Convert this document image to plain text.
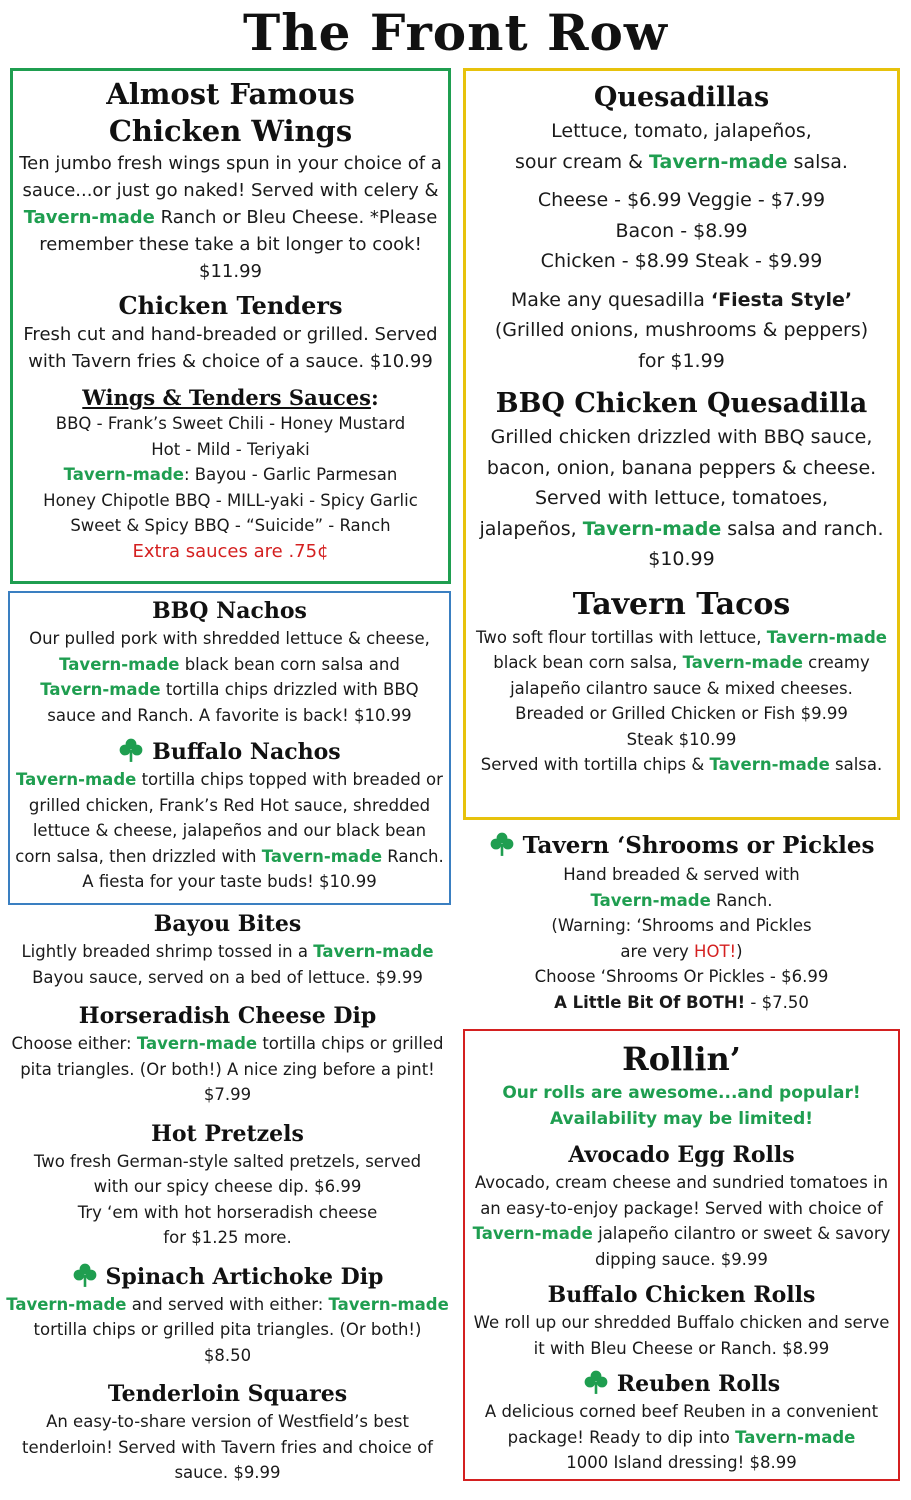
The Front Row

Almost Famous

Chicken Wings

Ten jumbo fresh wings spun in your choice of a

sauce...or just go naked! Served with celery &

Tavern-made Ranch or Bleu Cheese. *Please

remember these take a bit longer to cook!

$11.99

Chicken Tenders

Fresh cut and hand-breaded or grilled. Served

with Tavern fries & choice of a sauce. $10.99

Wings & Tenders Sauces:

BBQ - Frank’s Sweet Chili - Honey Mustard

Hot - Mild - Teriyaki

Tavern-made: Bayou - Garlic Parmesan

Honey Chipotle BBQ - MILL-yaki - Spicy Garlic

Sweet & Spicy BBQ - “Suicide” - Ranch

Extra sauces are .75¢

BBQ Nachos

Our pulled pork with shredded lettuce & cheese,

Tavern-made black bean corn salsa and

Tavern-made tortilla chips drizzled with BBQ

sauce and Ranch. A favorite is back! $10.99

Buffalo Nachos

Tavern-made tortilla chips topped with breaded or

grilled chicken, Frank’s Red Hot sauce, shredded

lettuce & cheese, jalapeños and our black bean

corn salsa, then drizzled with Tavern-made Ranch.

A fiesta for your taste buds! $10.99

Bayou Bites

Lightly breaded shrimp tossed in a Tavern-made

Bayou sauce, served on a bed of lettuce. $9.99

Horseradish Cheese Dip

Choose either: Tavern-made tortilla chips or grilled

pita triangles. (Or both!) A nice zing before a pint!

$7.99

Hot Pretzels

Two fresh German-style salted pretzels, served

with our spicy cheese dip. $6.99

Try ‘em with hot horseradish cheese

for $1.25 more.

Spinach Artichoke Dip

Tavern-made and served with either: Tavern-made

tortilla chips or grilled pita triangles. (Or both!)

$8.50

Tenderloin Squares

An easy-to-share version of Westfield’s best

tenderloin! Served with Tavern fries and choice of

sauce. $9.99

Quesadillas

Lettuce, tomato, jalapeños,

sour cream & Tavern-made salsa.

Cheese - $6.99 Veggie - $7.99

Bacon - $8.99

Chicken - $8.99 Steak - $9.99

Make any quesadilla ‘Fiesta Style’

(Grilled onions, mushrooms & peppers)

for $1.99

BBQ Chicken Quesadilla

Grilled chicken drizzled with BBQ sauce,

bacon, onion, banana peppers & cheese.

Served with lettuce, tomatoes,

jalapeños, Tavern-made salsa and ranch.

$10.99

Tavern Tacos

Two soft flour tortillas with lettuce, Tavern-made

black bean corn salsa, Tavern-made creamy

jalapeño cilantro sauce & mixed cheeses.

Breaded or Grilled Chicken or Fish $9.99

Steak $10.99

Served with tortilla chips & Tavern-made salsa.

Tavern ‘Shrooms or Pickles

Hand breaded & served with

Tavern-made Ranch.

(Warning: ‘Shrooms and Pickles

are very HOT!)

Choose ‘Shrooms Or Pickles - $6.99

A Little Bit Of BOTH! - $7.50

Rollin’

Our rolls are awesome...and popular!

Availability may be limited!

Avocado Egg Rolls

Avocado, cream cheese and sundried tomatoes in

an easy-to-enjoy package! Served with choice of

Tavern-made jalapeño cilantro or sweet & savory

dipping sauce. $9.99

Buffalo Chicken Rolls

We roll up our shredded Buffalo chicken and serve

it with Bleu Cheese or Ranch. $8.99

Reuben Rolls

A delicious corned beef Reuben in a convenient

package! Ready to dip into Tavern-made

1000 Island dressing! $8.99
